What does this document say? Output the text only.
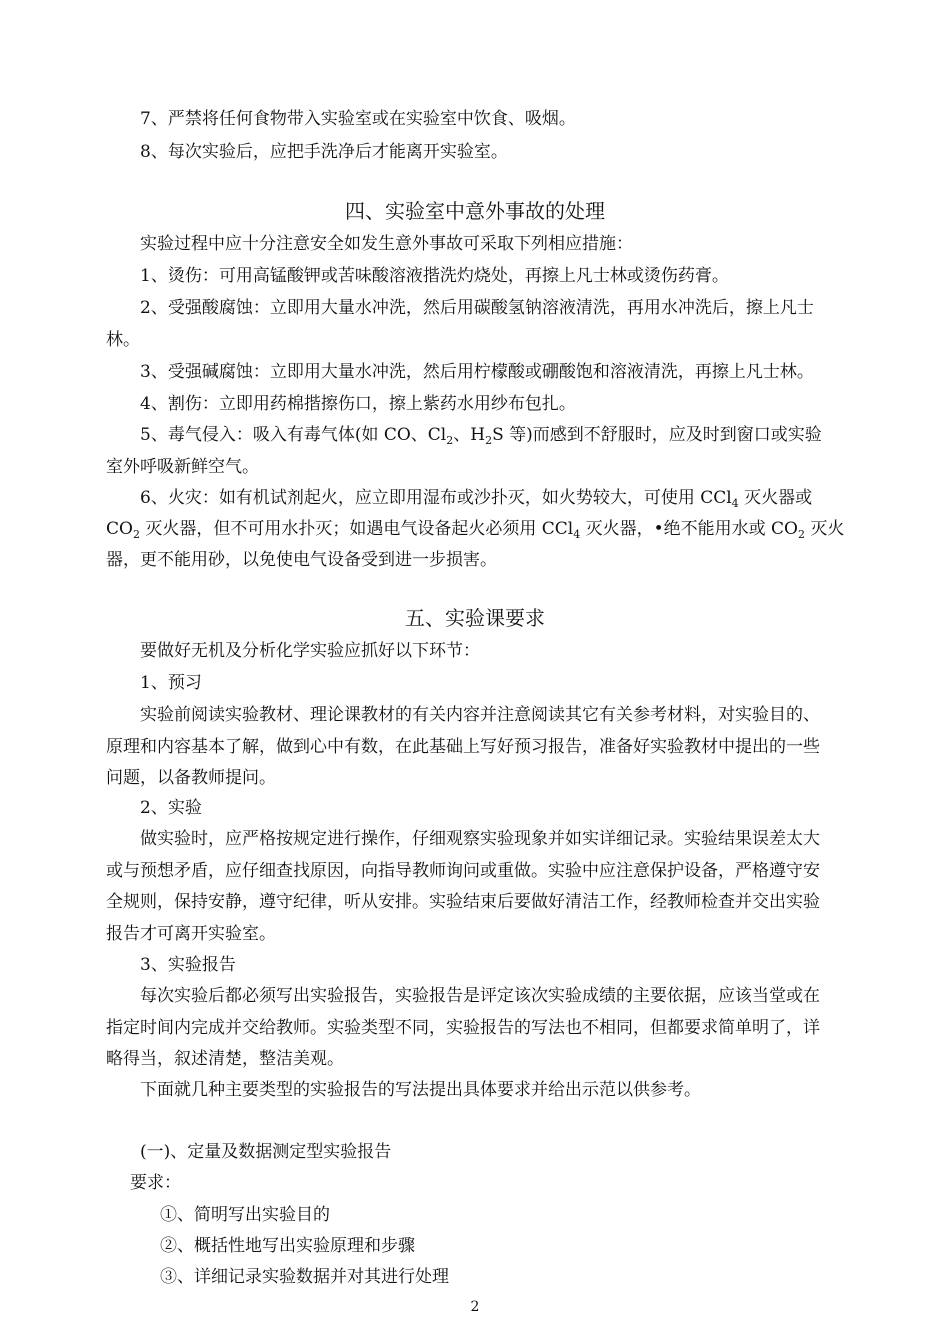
7、严禁将任何食物带入实验室或在实验室中饮食、吸烟。
8、每次实验后，应把手洗净后才能离开实验室。
四、实验室中意外事故的处理
实验过程中应十分注意安全如发生意外事故可采取下列相应措施：
1、烫伤：可用高锰酸钾或苦味酸溶液揩洗灼烧处，再擦上凡士林或烫伤药膏。
2、受强酸腐蚀：立即用大量水冲洗，然后用碳酸氢钠溶液清洗，再用水冲洗后，擦上凡士
林。
3、受强碱腐蚀：立即用大量水冲洗，然后用柠檬酸或硼酸饱和溶液清洗，再擦上凡士林。
4、割伤：立即用药棉揩擦伤口，擦上紫药水用纱布包扎。
5、毒气侵入：吸入有毒气体(如 CO、$Cl_2$、$H_2S$ 等)而感到不舒服时，应及时到窗口或实验
室外呼吸新鲜空气。
6、火灾：如有机试剂起火，应立即用湿布或沙扑灭，如火势较大，可使用 CCl$_4$ 灭火器或
$CO_2$ 灭火器，但不可用水扑灭；如遇电气设备起火必须用 CCl$_4$ 灭火器，•绝不能用水或 $CO_2$ 灭火
器，更不能用砂，以免使电气设备受到进一步损害。
五、实验课要求
要做好无机及分析化学实验应抓好以下环节：
1、预习
实验前阅读实验教材、理论课教材的有关内容并注意阅读其它有关参考材料，对实验目的、
原理和内容基本了解，做到心中有数，在此基础上写好预习报告，准备好实验教材中提出的一些
问题，以备教师提问。
2、实验
做实验时，应严格按规定进行操作，仔细观察实验现象并如实详细记录。实验结果误差太大
或与预想矛盾，应仔细查找原因，向指导教师询问或重做。实验中应注意保护设备，严格遵守安
全规则，保持安静，遵守纪律，听从安排。实验结束后要做好清洁工作，经教师检查并交出实验
报告才可离开实验室。
3、实验报告
每次实验后都必须写出实验报告，实验报告是评定该次实验成绩的主要依据，应该当堂或在
指定时间内完成并交给教师。实验类型不同，实验报告的写法也不相同，但都要求简单明了，详
略得当，叙述清楚，整洁美观。
下面就几种主要类型的实验报告的写法提出具体要求并给出示范以供参考。
(一)、定量及数据测定型实验报告
要求：
①、简明写出实验目的
②、概括性地写出实验原理和步骤
③、详细记录实验数据并对其进行处理
2
